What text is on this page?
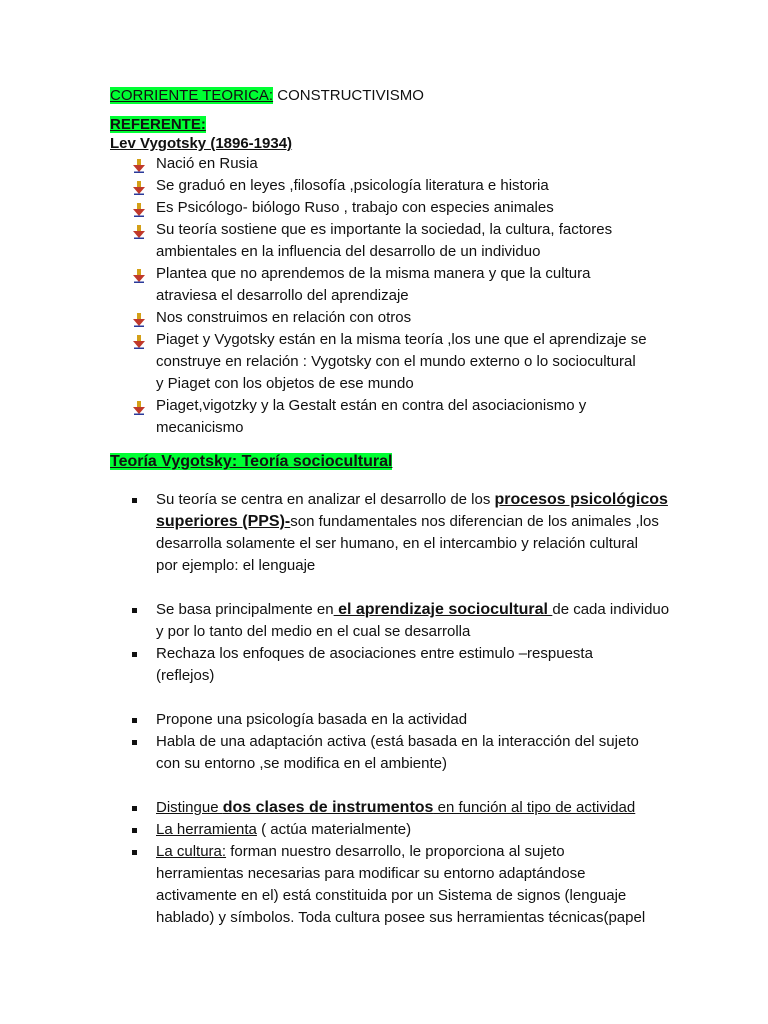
CORRIENTE TEORICA: CONSTRUCTIVISMO
REFERENTE:
Lev Vygotsky (1896-1934)
Nació en Rusia
Se graduó en leyes ,filosofía ,psicología literatura e historia
Es Psicólogo- biólogo Ruso , trabajo con especies animales
Su teoría sostiene que es importante la sociedad, la cultura, factores
ambientales en la influencia del desarrollo de un individuo
Plantea que no aprendemos de la misma manera y que la cultura
atraviesa el desarrollo del aprendizaje
Nos construimos en relación con otros
Piaget y Vygotsky están en la misma teoría ,los une que el aprendizaje se
construye en relación : Vygotsky con el mundo externo o lo sociocultural
y Piaget con los objetos de ese mundo
Piaget,vigotzky y la Gestalt están en contra del asociacionismo y
mecanicismo
Teoría Vygotsky: Teoría sociocultural
Su teoría se centra en analizar el desarrollo de los procesos psicológicos
superiores (PPS)-son fundamentales nos diferencian de los animales ,los
desarrolla solamente el ser humano, en el intercambio y relación cultural
por ejemplo: el lenguaje
Se basa principalmente en el aprendizaje sociocultural de cada individuo
y por lo tanto del medio en el cual se desarrolla
Rechaza los enfoques de asociaciones entre estimulo –respuesta
(reflejos)
Propone una psicología basada en la actividad
Habla de una adaptación activa (está basada en la interacción del sujeto
con su entorno ,se modifica en el ambiente)
Distingue dos clases de instrumentos en función al tipo de actividad
La herramienta ( actúa materialmente)
La cultura: forman nuestro desarrollo, le proporciona al sujeto
herramientas necesarias para modificar su entorno adaptándose
activamente en el) está constituida por un Sistema de signos (lenguaje
hablado) y símbolos. Toda cultura posee sus herramientas técnicas(papel
